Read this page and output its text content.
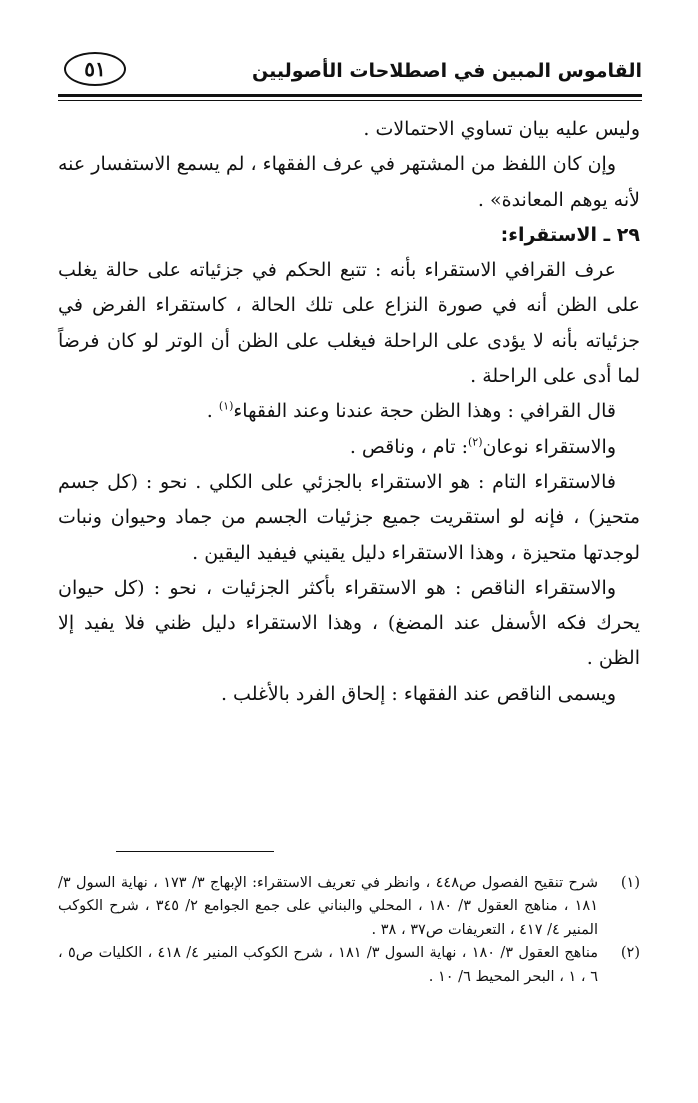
القاموس المبين في اصطلاحات الأصوليين
٥١

وليس عليه بيان تساوي الاحتمالات .

وإن كان اللفظ من المشتهر في عرف الفقهاء ، لم يسمع الاستفسار عنه لأنه يوهم المعاندة» .

٢٩ ـ الاستقراء:

عرف القرافي الاستقراء بأنه : تتبع الحكم في جزئياته على حالة يغلب على الظن أنه في صورة النزاع على تلك الحالة ، كاستقراء الفرض في جزئياته بأنه لا يؤدى على الراحلة فيغلب على الظن أن الوتر لو كان فرضاً لما أدى على الراحلة .

قال القرافي : وهذا الظن حجة عندنا وعند الفقهاء$^{(١)}$ .

والاستقراء نوعان$^{(٢)}$: تام ، وناقص .

فالاستقراء التام : هو الاستقراء بالجزئي على الكلي . نحو : (كل جسم متحيز) ، فإنه لو استقريت جميع جزئيات الجسم من جماد وحيوان ونبات لوجدتها متحيزة ، وهذا الاستقراء دليل يقيني فيفيد اليقين .

والاستقراء الناقص : هو الاستقراء بأكثر الجزئيات ، نحو : (كل حيوان يحرك فكه الأسفل عند المضغ) ، وهذا الاستقراء دليل ظني فلا يفيد إلا الظن .

ويسمى الناقص عند الفقهاء : إلحاق الفرد بالأغلب .

(١)
شرح تنقيح الفصول ص٤٤٨ ، وانظر في تعريف الاستقراء: الإبهاج ٣/ ١٧٣ ، نهاية السول ٣/ ١٨١ ، مناهج العقول ٣/ ١٨٠ ، المحلي والبناني على جمع الجوامع ٢/ ٣٤٥ ، شرح الكوكب المنير ٤/ ٤١٧ ، التعريفات ص٣٧ ، ٣٨ .
(٢)
مناهج العقول ٣/ ١٨٠ ، نهاية السول ٣/ ١٨١ ، شرح الكوكب المنير ٤/ ٤١٨ ، الكليات ص٥ ، ٦ ، ١ ، البحر المحيط ٦/ ١٠ .
